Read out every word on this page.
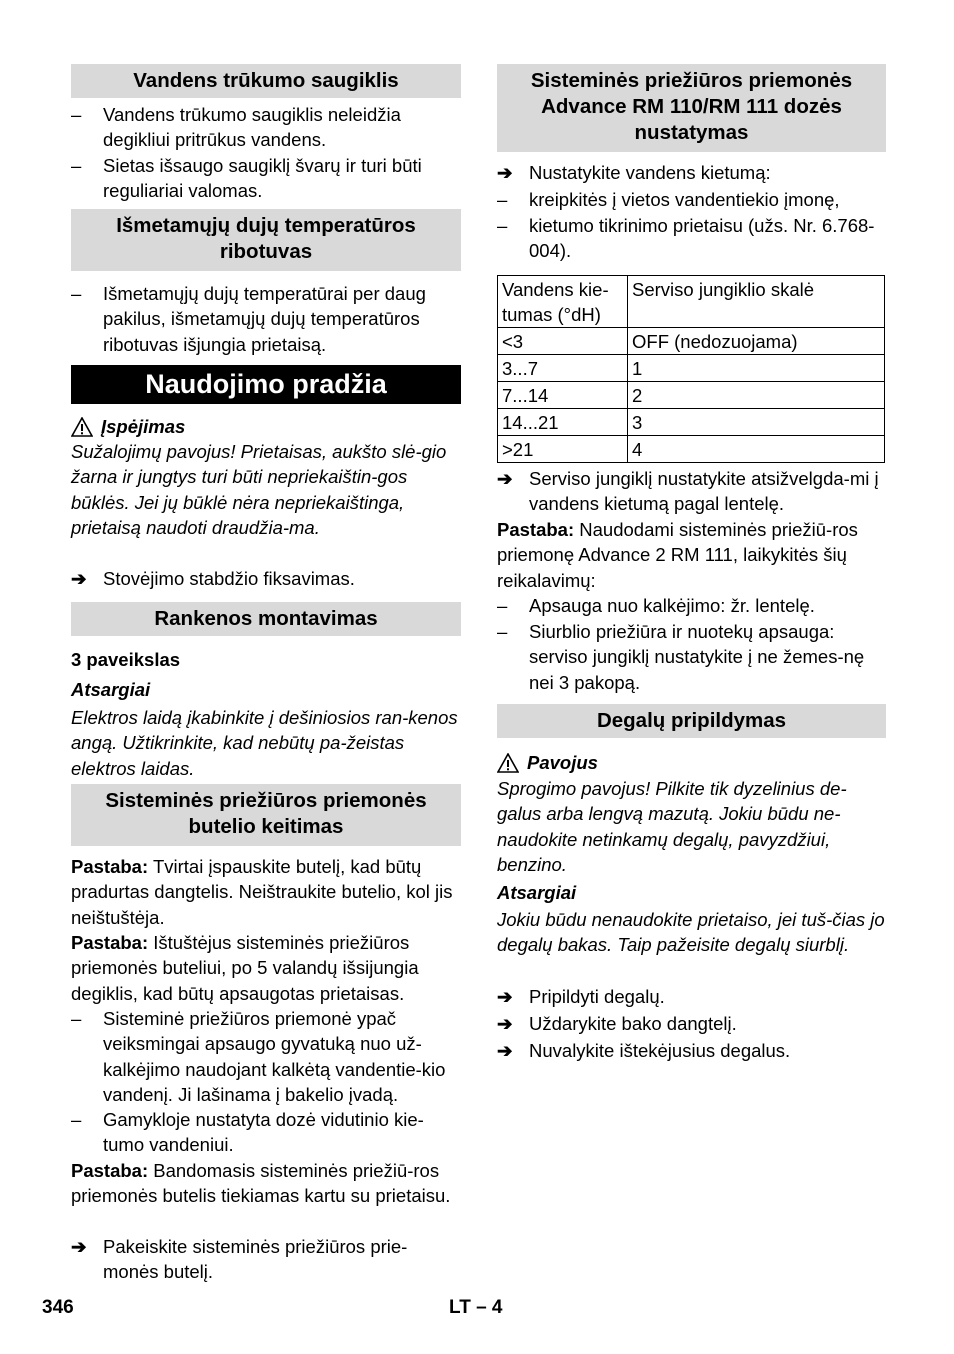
Vandens trūkumo saugiklis
–	Vandens trūkumo saugiklis neleidžia degikliui pritrūkus vandens.
–	Sietas išsaugo saugiklį švarų ir turi būti reguliariai valomas.
Išmetamųjų dujų temperatūros ribotuvas
–	Išmetamųjų dujų temperatūrai per daug pakilus, išmetamųjų dujų temperatūros ribotuvas išjungia prietaisą.
Naudojimo pradžia
Įspėjimas
Sužalojimų pavojus! Prietaisas, aukšto slė-gio žarna ir jungtys turi būti nepriekaištin-gos būklės. Jei jų būklė nėra nepriekaištinga, prietaisą naudoti draudžia-ma.
➔ Stovėjimo stabdžio fiksavimas.
Rankenos montavimas
3 paveikslas
Atsargiai
Elektros laidą įkabinkite į dešiniosios ran-kenos angą. Užtikrinkite, kad nebūtų pa-žeistas elektros laidas.
Sisteminės priežiūros priemonės butelio keitimas
Pastaba: Tvirtai įspauskite butelį, kad būtų pradurtas dangtelis. Neištraukite butelio, kol jis neištuštėja.
Pastaba: Ištuštėjus sisteminės priežiūros priemonės buteliui, po 5 valandų išsijungia degiklis, kad būtų apsaugotas prietaisas.
–	Sisteminė priežiūros priemonė ypač veiksmingai apsaugo gyvatuką nuo už-kalkėjimo naudojant kalkėtą vandentie-kio vandenį. Ji lašinama į bakelio įvadą.
–	Gamykloje nustatyta dozė vidutinio kie-tumo vandeniui.
Pastaba: Bandomasis sisteminės priežiū-ros priemonės butelis tiekiamas kartu su prietaisu.
➔ Pakeiskite sisteminės priežiūros prie-monės butelį.
Sisteminės priežiūros priemonės Advance RM 110/RM 111 dozės nustatymas
➔ Nustatykite vandens kietumą:
–	kreipkitės į vietos vandentiekio įmonę,
–	kietumo tikrinimo prietaisu (užs. Nr. 6.768-004).
Vandens kie-tumas (°dH)	Serviso jungiklio skalė
<3	OFF (nedozuojama)
3...7	1
7...14	2
14...21	3
>21	4
➔ Serviso jungiklį nustatykite atsižvelgda-mi į vandens kietumą pagal lentelę.
Pastaba: Naudodami sisteminės priežiū-ros priemonę Advance 2 RM 111, laikykitės šių reikalavimų:
–	Apsauga nuo kalkėjimo: žr. lentelę.
–	Siurblio priežiūra ir nuotekų apsauga: serviso jungiklį nustatykite į ne žemes-nę nei 3 pakopą.
Degalų pripildymas
Pavojus
Sprogimo pavojus! Pilkite tik dyzelinius de-galus arba lengvą mazutą. Jokiu būdu ne-naudokite netinkamų degalų, pavyzdžiui, benzino.
Atsargiai
Jokiu būdu nenaudokite prietaiso, jei tuš-čias jo degalų bakas. Taip pažeisite degalų siurblį.
➔ Pripildyti degalų.
➔ Uždarykite bako dangtelį.
➔ Nuvalykite ištekėjusius degalus.
346	LT – 4
